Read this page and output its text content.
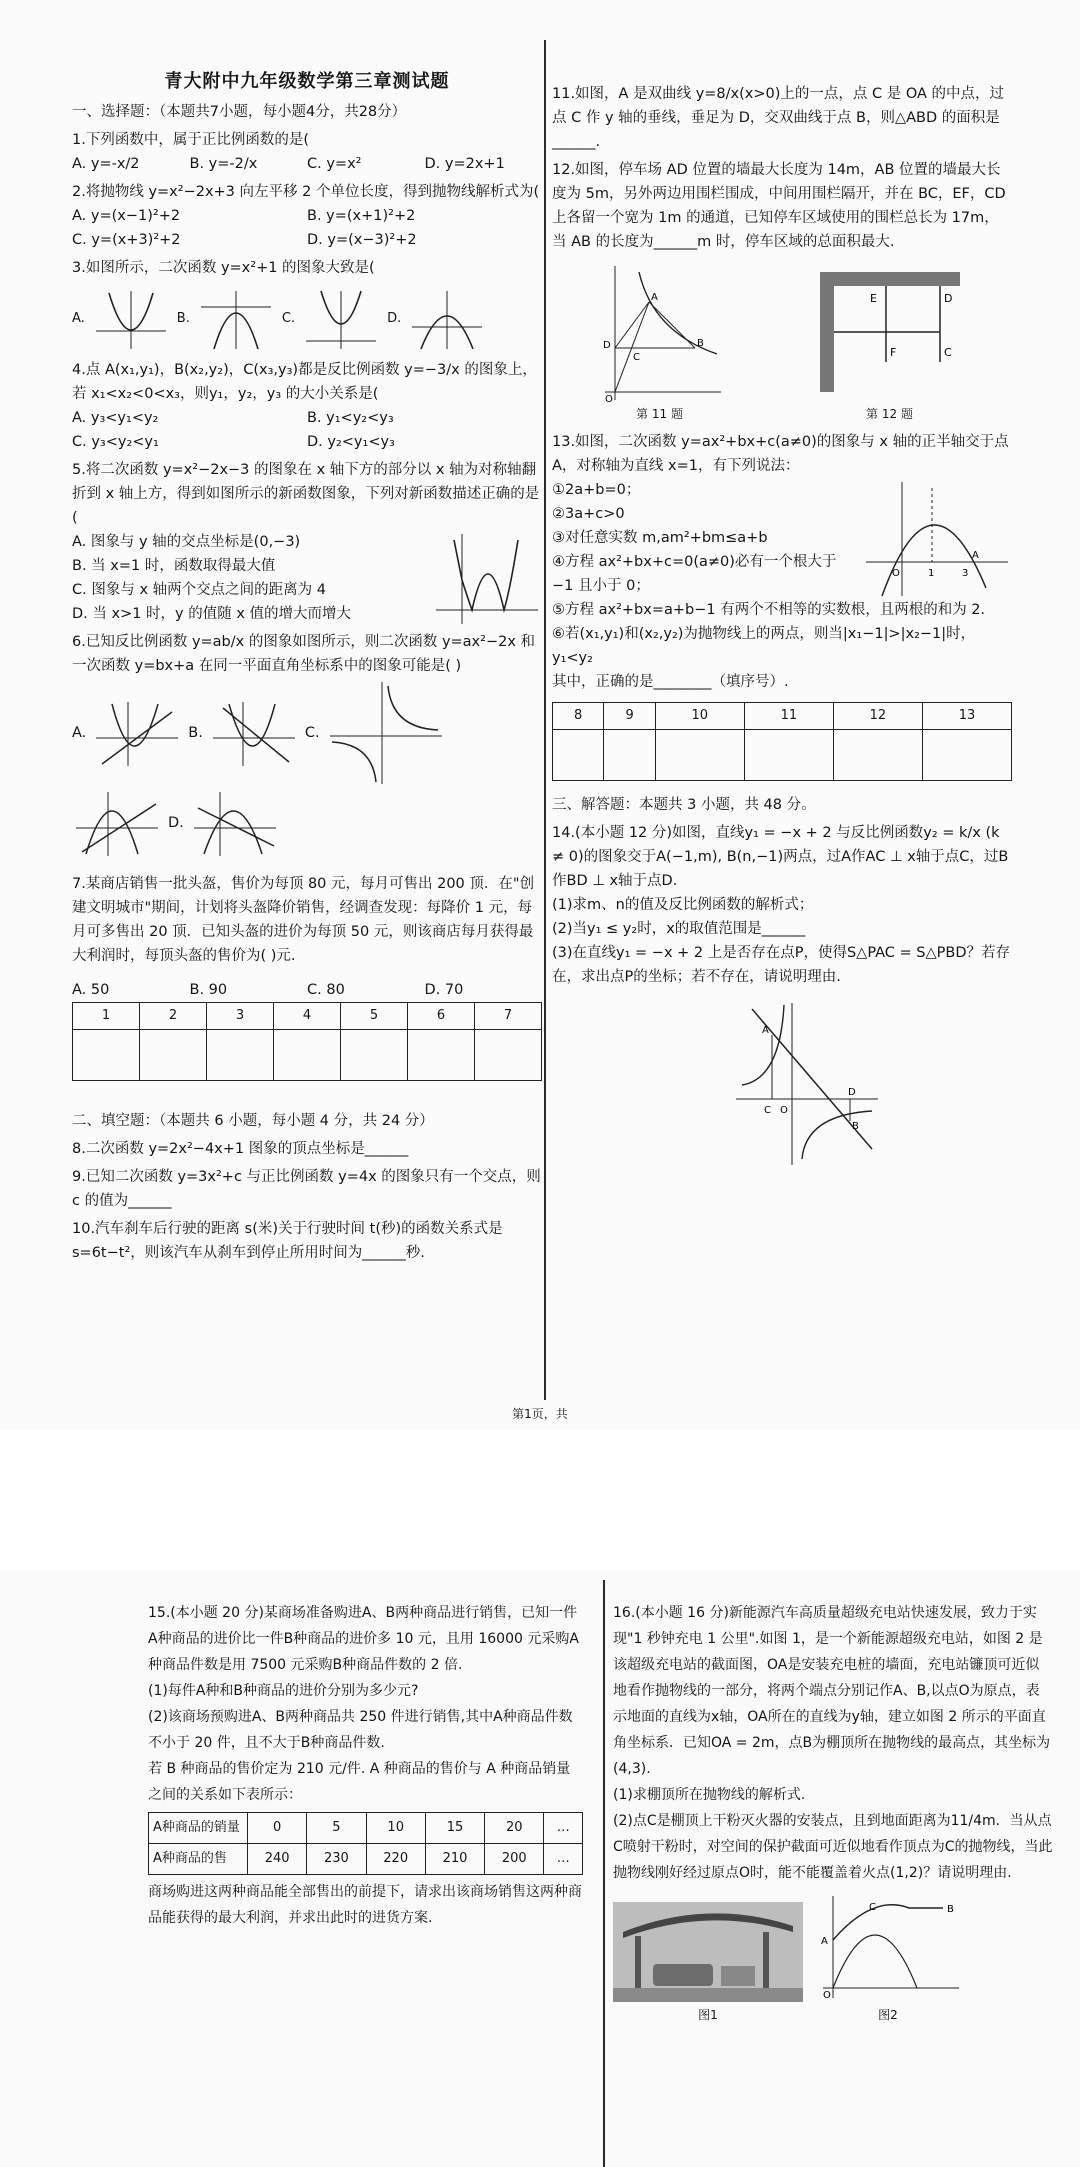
青大附中九年级数学第三章测试题

一、选择题：（本题共7小题，每小题4分，共28分）

1.下列函数中，属于正比例函数的是(

A. y=-x/2	B. y=-2/x	C. y=x²	D. y=2x+1

2.将抛物线 y=x²−2x+3 向左平移 2 个单位长度，得到抛物线解析式为(

A. y=(x−1)²+2	B. y=(x+1)²+2
C. y=(x+3)²+2	D. y=(x−3)²+2

3.如图所示，二次函数 y=x²+1 的图象大致是(

A.	B.	C.	D.

4.点 A(x₁,y₁)，B(x₂,y₂)，C(x₃,y₃)都是反比例函数 y=−3/x 的图象上，若 x₁<x₂<0<x₃，则y₁，y₂，y₃ 的大小关系是(

A. y₃<y₁<y₂	B. y₁<y₂<y₃
C. y₃<y₂<y₁	D. y₂<y₁<y₃

5.将二次函数 y=x²−2x−3 的图象在 x 轴下方的部分以 x 轴为对称轴翻折到 x 轴上方，得到如图所示的新函数图象，下列对新函数描述正确的是(

A. 图象与 y 轴的交点坐标是(0,−3)
B. 当 x=1 时，函数取得最大值
C. 图象与 x 轴两个交点之间的距离为 4
D. 当 x>1 时，y 的值随 x 值的增大而增大

6.已知反比例函数 y=ab/x 的图象如图所示，则二次函数 y=ax²−2x 和一次函数 y=bx+a 在同一平面直角坐标系中的图象可能是( )

A.	B.	C.
D.

7.某商店销售一批头盔，售价为每顶 80 元，每月可售出 200 顶．在"创建文明城市"期间，计划将头盔降价销售，经调查发现：每降价 1 元，每月可多售出 20 顶．已知头盔的进价为每顶 50 元，则该商店每月获得最大利润时，每顶头盔的售价为( )元.

A. 50	B. 90	C. 80	D. 70
1	2	3	4	5	6	7

二、填空题：（本题共 6 小题，每小题 4 分，共 24 分）

8.二次函数 y=2x²−4x+1 图象的顶点坐标是______

9.已知二次函数 y=3x²+c 与正比例函数 y=4x 的图象只有一个交点，则 c 的值为______

10.汽车刹车后行驶的距离 s(米)关于行驶时间 t(秒)的函数关系式是 s=6t−t²，则该汽车从刹车到停止所用时间为______秒.

11.如图，A 是双曲线 y=8/x(x>0)上的一点，点 C 是 OA 的中点，过点 C 作 y 轴的垂线，垂足为 D，交双曲线于点 B，则△ABD 的面积是______.

12.如图，停车场 AD 位置的墙最大长度为 14m，AB 位置的墙最大长度为 5m，另外两边用围栏围成，中间用围栏隔开，并在 BC，EF，CD 上各留一个宽为 1m 的通道，已知停车区域使用的围栏总长为 17m，当 AB 的长度为______m 时，停车区域的总面积最大.

A
B
C
D
O
第 11 题
E	D
F	C
第 12 题

13.如图，二次函数 y=ax²+bx+c(a≠0)的图象与 x 轴的正半轴交于点 A，对称轴为直线 x=1，有下列说法：

①2a+b=0；

②3a+c>0

③对任意实数 m,am²+bm≤a+b

④方程 ax²+bx+c=0(a≠0)必有一个根大于 −1 且小于 0；

O	1	3
A

⑤方程 ax²+bx=a+b−1 有两个不相等的实数根，且两根的和为 2．

⑥若(x₁,y₁)和(x₂,y₂)为抛物线上的两点，则当|x₁−1|>|x₂−1|时，y₁<y₂

其中，正确的是________（填序号）.

8	9	10	11	12	13

三、解答题：本题共 3 小题，共 48 分。

14.(本小题 12 分)如图，直线y₁ = −x + 2 与反比例函数y₂ = k/x (k ≠ 0)的图象交于A(−1,m), B(n,−1)两点，过A作AC ⊥ x轴于点C，过B作BD ⊥ x轴于点D.

(1)求m、n的值及反比例函数的解析式；

(2)当y₁ ≤ y₂时，x的取值范围是______

(3)在直线y₁ = −x + 2 上是否存在点P，使得S△PAC = S△PBD？若存在，求出点P的坐标；若不存在，请说明理由.

A
B
C O
D
第1页，共

15.(本小题 20 分)某商场准备购进A、B两种商品进行销售，已知一件A种商品的进价比一件B种商品的进价多 10 元，且用 16000 元采购A种商品件数是用 7500 元采购B种商品件数的 2 倍.

(1)每件A种和B种商品的进价分别为多少元?

(2)该商场预购进A、B两种商品共 250 件进行销售,其中A种商品件数不小于 20 件，且不大于B种商品件数.

若 B 种商品的售价定为 210 元/件. A 种商品的售价与 A 种商品销量之间的关系如下表所示：

A种商品的销量	0	5	10	15	20	…
A种商品的售	240	230	220	210	200	…

商场购进这两种商品能全部售出的前提下，请求出该商场销售这两种商品能获得的最大利润，并求出此时的进货方案.

16.(本小题 16 分)新能源汽车高质量超级充电站快速发展，致力于实现"1 秒钟充电 1 公里".如图 1，是一个新能源超级充电站，如图 2 是该超级充电站的截面图，OA是安装充电桩的墙面，充电站镰顶可近似地看作抛物线的一部分，将两个端点分别记作A、B,以点O为原点，表示地面的直线为x轴，OA所在的直线为y轴，建立如图 2 所示的平面直角坐标系．已知OA = 2m，点B为棚顶所在抛物线的最高点，其坐标为(4,3).

(1)求棚顶所在抛物线的解析式.

(2)点C是棚顶上干粉灭火器的安装点，且到地面距离为11/4m．当从点C喷射干粉时，对空间的保护截面可近似地看作顶点为C的抛物线，当此抛物线刚好经过原点O时，能不能覆盖着火点(1,2)？请说明理由.

图1
A
C	B
O
图2
